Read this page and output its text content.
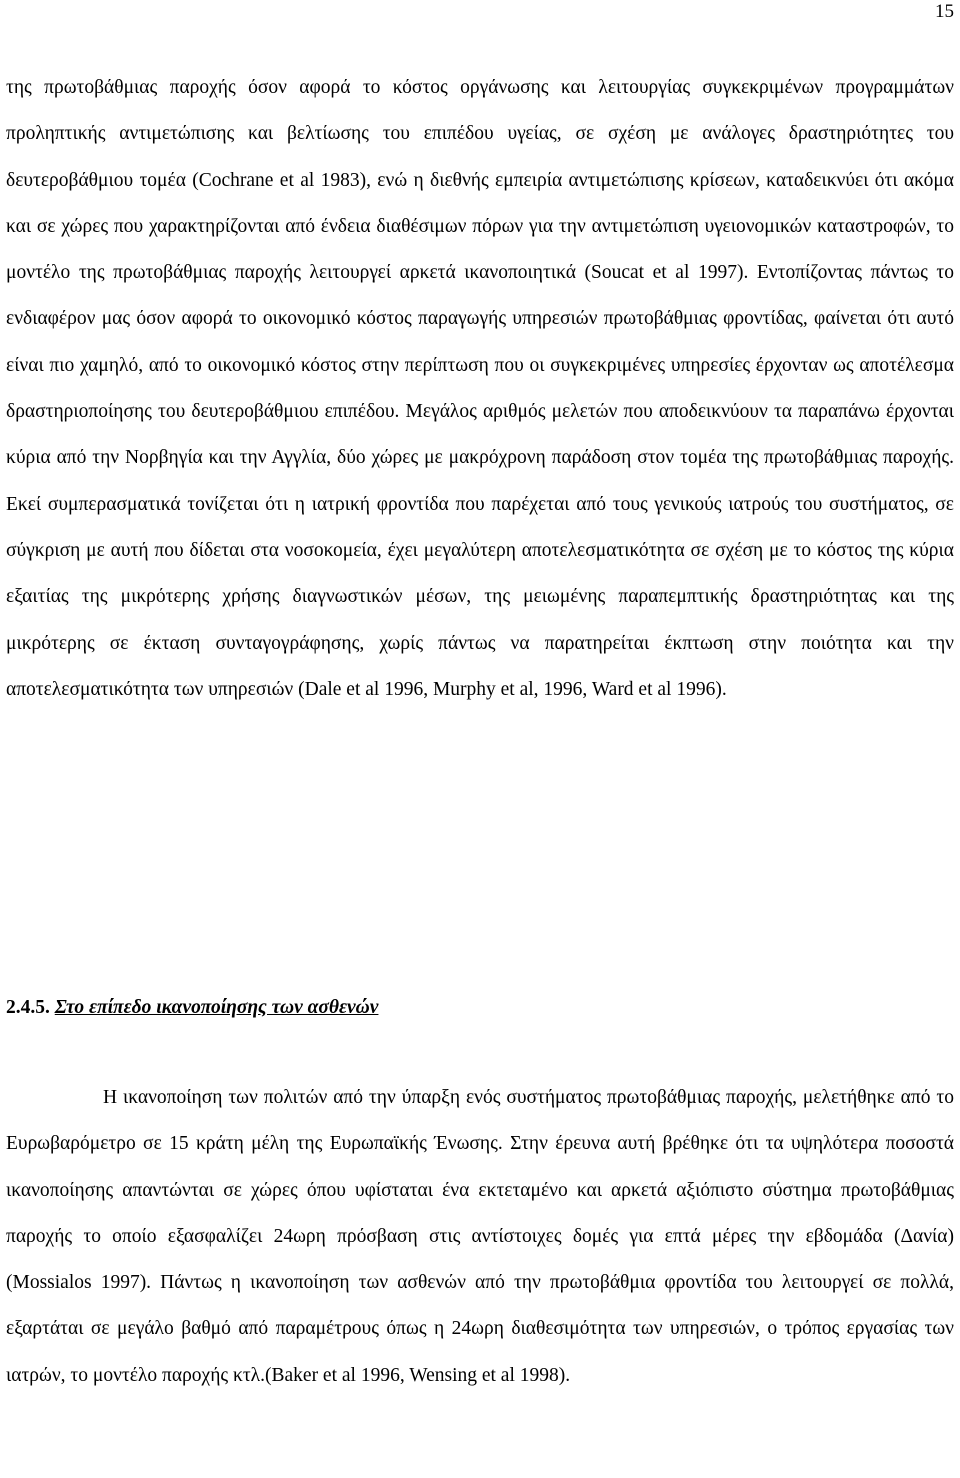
15

της πρωτοβάθμιας παροχής όσον αφορά το κόστος οργάνωσης και λειτουργίας συγκεκριμένων προγραμμάτων προληπτικής αντιμετώπισης και βελτίωσης του επιπέδου υγείας, σε σχέση με ανάλογες δραστηριότητες του δευτεροβάθμιου τομέα (Cochrane et al 1983), ενώ η διεθνής εμπειρία αντιμετώπισης κρίσεων, καταδεικνύει ότι ακόμα και σε χώρες που χαρακτηρίζονται από ένδεια διαθέσιμων πόρων για την αντιμετώπιση υγειονομικών καταστροφών, το μοντέλο της πρωτοβάθμιας παροχής λειτουργεί αρκετά ικανοποιητικά (Soucat et al 1997). Εντοπίζοντας πάντως το ενδιαφέρον μας όσον αφορά το οικονομικό κόστος παραγωγής υπηρεσιών πρωτοβάθμιας φροντίδας, φαίνεται ότι αυτό είναι πιο χαμηλό, από το οικονομικό κόστος στην περίπτωση που οι συγκεκριμένες υπηρεσίες έρχονταν ως αποτέλεσμα δραστηριοποίησης του δευτεροβάθμιου επιπέδου. Μεγάλος αριθμός μελετών που αποδεικνύουν τα παραπάνω έρχονται κύρια από την Νορβηγία και την Αγγλία, δύο χώρες με μακρόχρονη παράδοση στον τομέα της πρωτοβάθμιας παροχής. Εκεί συμπερασματικά τονίζεται ότι η ιατρική φροντίδα που παρέχεται από τους γενικούς ιατρούς του συστήματος, σε σύγκριση με αυτή που δίδεται στα νοσοκομεία, έχει μεγαλύτερη αποτελεσματικότητα σε σχέση με το κόστος της κύρια εξαιτίας της μικρότερης χρήσης διαγνωστικών μέσων, της μειωμένης παραπεμπτικής δραστηριότητας και της μικρότερης σε έκταση συνταγογράφησης, χωρίς πάντως να παρατηρείται έκπτωση στην ποιότητα και την αποτελεσματικότητα των υπηρεσιών (Dale et al 1996, Murphy et al, 1996, Ward et al 1996).

2.4.5. Στο επίπεδο ικανοποίησης των ασθενών

Η ικανοποίηση των πολιτών από την ύπαρξη ενός συστήματος πρωτοβάθμιας παροχής, μελετήθηκε από το Ευρωβαρόμετρο σε 15 κράτη μέλη της Ευρωπαϊκής Ένωσης. Στην έρευνα αυτή βρέθηκε ότι τα υψηλότερα ποσοστά ικανοποίησης απαντώνται σε χώρες όπου υφίσταται ένα εκτεταμένο και αρκετά αξιόπιστο σύστημα πρωτοβάθμιας παροχής το οποίο εξασφαλίζει 24ωρη πρόσβαση στις αντίστοιχες δομές για επτά μέρες την εβδομάδα (Δανία) (Mossialos 1997). Πάντως η ικανοποίηση των ασθενών από την πρωτοβάθμια φροντίδα του λειτουργεί σε πολλά, εξαρτάται σε μεγάλο βαθμό από παραμέτρους όπως η 24ωρη διαθεσιμότητα των υπηρεσιών, ο τρόπος εργασίας των ιατρών, το μοντέλο παροχής κτλ.(Baker et al 1996, Wensing et al 1998).
